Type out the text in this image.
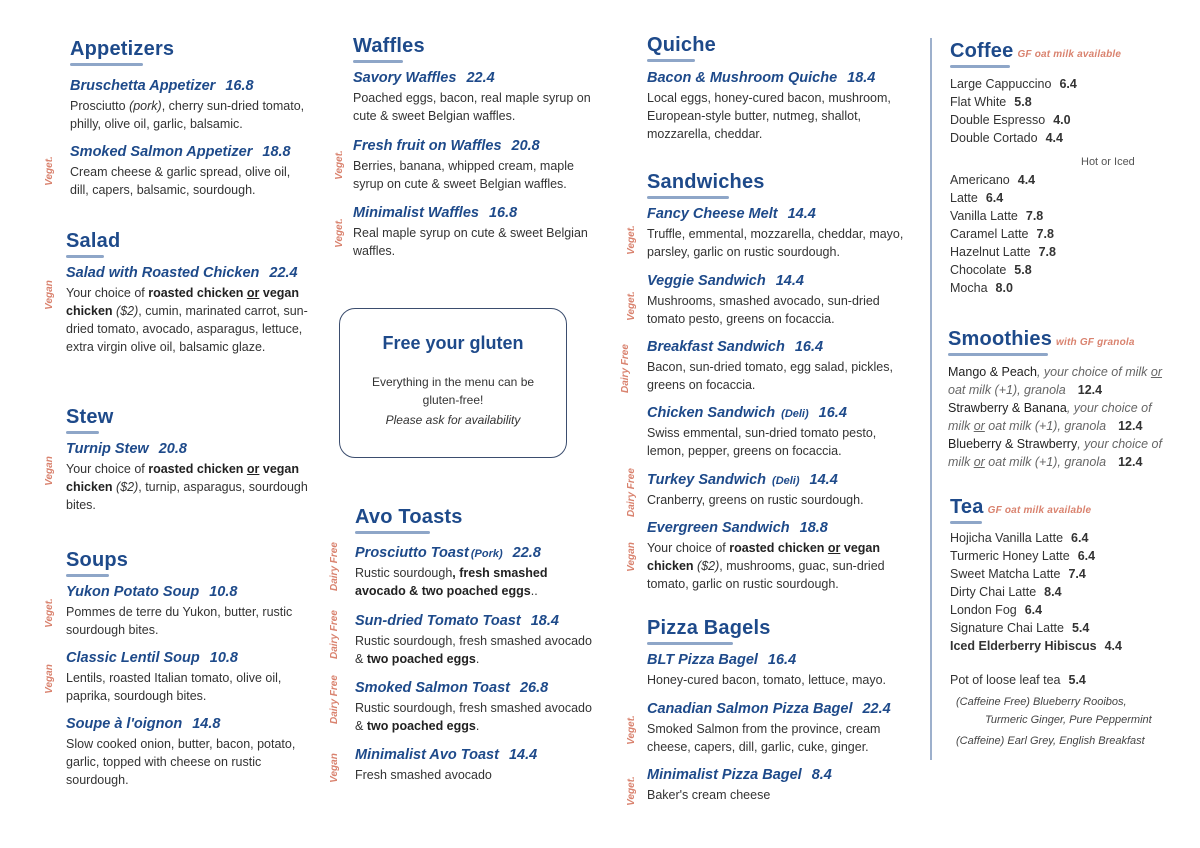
Appetizers
Bruschetta Appetizer 16.8
Prosciutto (pork), cherry sun-dried tomato, philly, olive oil, garlic, balsamic.
Veget.
Smoked Salmon Appetizer 18.8
Cream cheese & garlic spread, olive oil, dill, capers, balsamic, sourdough.
Salad
Vegan
Salad with Roasted Chicken 22.4
Your choice of roasted chicken or vegan chicken ($2), cumin, marinated carrot, sun-dried tomato, avocado, asparagus, lettuce, extra virgin olive oil, balsamic glaze.
Stew
Vegan
Turnip Stew 20.8
Your choice of roasted chicken or vegan chicken ($2), turnip, asparagus, sourdough bites.
Soups
Veget.
Yukon Potato Soup 10.8
Pommes de terre du Yukon, butter, rustic sourdough bites.
Vegan
Classic Lentil Soup 10.8
Lentils, roasted Italian tomato, olive oil, paprika, sourdough bites.
Soupe à l'oignon 14.8
Slow cooked onion, butter, bacon, potato, garlic, topped with cheese on rustic sourdough.
Waffles
Savory Waffles 22.4
Poached eggs, bacon, real maple syrup on cute & sweet Belgian waffles.
Veget.
Fresh fruit on Waffles 20.8
Berries, banana, whipped cream, maple syrup on cute & sweet Belgian waffles.
Veget.
Minimalist Waffles 16.8
Real maple syrup on cute & sweet Belgian waffles.
Free your gluten
Everything in the menu can be gluten-free!
Please ask for availability
Avo Toasts
Dairy Free Prosciutto Toast (Pork) 22.8
Rustic sourdough, fresh smashed avocado & two poached eggs..
Dairy Free Sun-dried Tomato Toast 18.4
Rustic sourdough, fresh smashed avocado & two poached eggs.
Dairy Free Smoked Salmon Toast 26.8
Rustic sourdough, fresh smashed avocado & two poached eggs.
Vegan Minimalist Avo Toast 14.4
Fresh smashed avocado
Quiche
Bacon & Mushroom Quiche 18.4
Local eggs, honey-cured bacon, mushroom, European-style butter, nutmeg, shallot, mozzarella, cheddar.
Sandwiches
Veget.
Fancy Cheese Melt 14.4
Truffle, emmental, mozzarella, cheddar, mayo, parsley, garlic on rustic sourdough.
Veget.
Veggie Sandwich 14.4
Mushrooms, smashed avocado, sun-dried tomato pesto, greens on focaccia.
Dairy Free Breakfast Sandwich 16.4
Bacon, sun-dried tomato, egg salad, pickles, greens on focaccia.
Chicken Sandwich (Deli) 16.4
Swiss emmental, sun-dried tomato pesto, lemon, pepper, greens on focaccia.
Dairy Free Turkey Sandwich (Deli) 14.4
Cranberry, greens on rustic sourdough.
Vegan
Evergreen Sandwich 18.8
Your choice of roasted chicken or vegan chicken ($2), mushrooms, guac, sun-dried tomato, garlic on rustic sourdough.
Pizza Bagels
BLT Pizza Bagel 16.4
Honey-cured bacon, tomato, lettuce, mayo.
Veget.
Canadian Salmon Pizza Bagel 22.4
Smoked Salmon from the province, cream cheese, capers, dill, garlic, cuke, ginger.
Veget.
Minimalist Pizza Bagel 8.4
Baker's cream cheese
Coffee GF oat milk available
Large Cappuccino 6.4
Flat White 5.8
Double Espresso 4.0
Double Cortado 4.4
Hot or Iced
Americano 4.4
Latte 6.4
Vanilla Latte 7.8
Caramel Latte 7.8
Hazelnut Latte 7.8
Chocolate 5.8
Mocha 8.0
Smoothies with GF granola
Mango & Peach, your choice of milk or oat milk (+1), granola 12.4
Strawberry & Banana, your choice of milk or oat milk (+1), granola 12.4
Blueberry & Strawberry, your choice of milk or oat milk (+1), granola 12.4
Tea GF oat milk available
Hojicha Vanilla Latte 6.4
Turmeric Honey Latte 6.4
Sweet Matcha Latte 7.4
Dirty Chai Latte 8.4
London Fog 6.4
Signature Chai Latte 5.4
Iced Elderberry Hibiscus 4.4
Pot of loose leaf tea 5.4
(Caffeine Free) Blueberry Rooibos,
Turmeric Ginger, Pure Peppermint
(Caffeine) Earl Grey, English Breakfast
